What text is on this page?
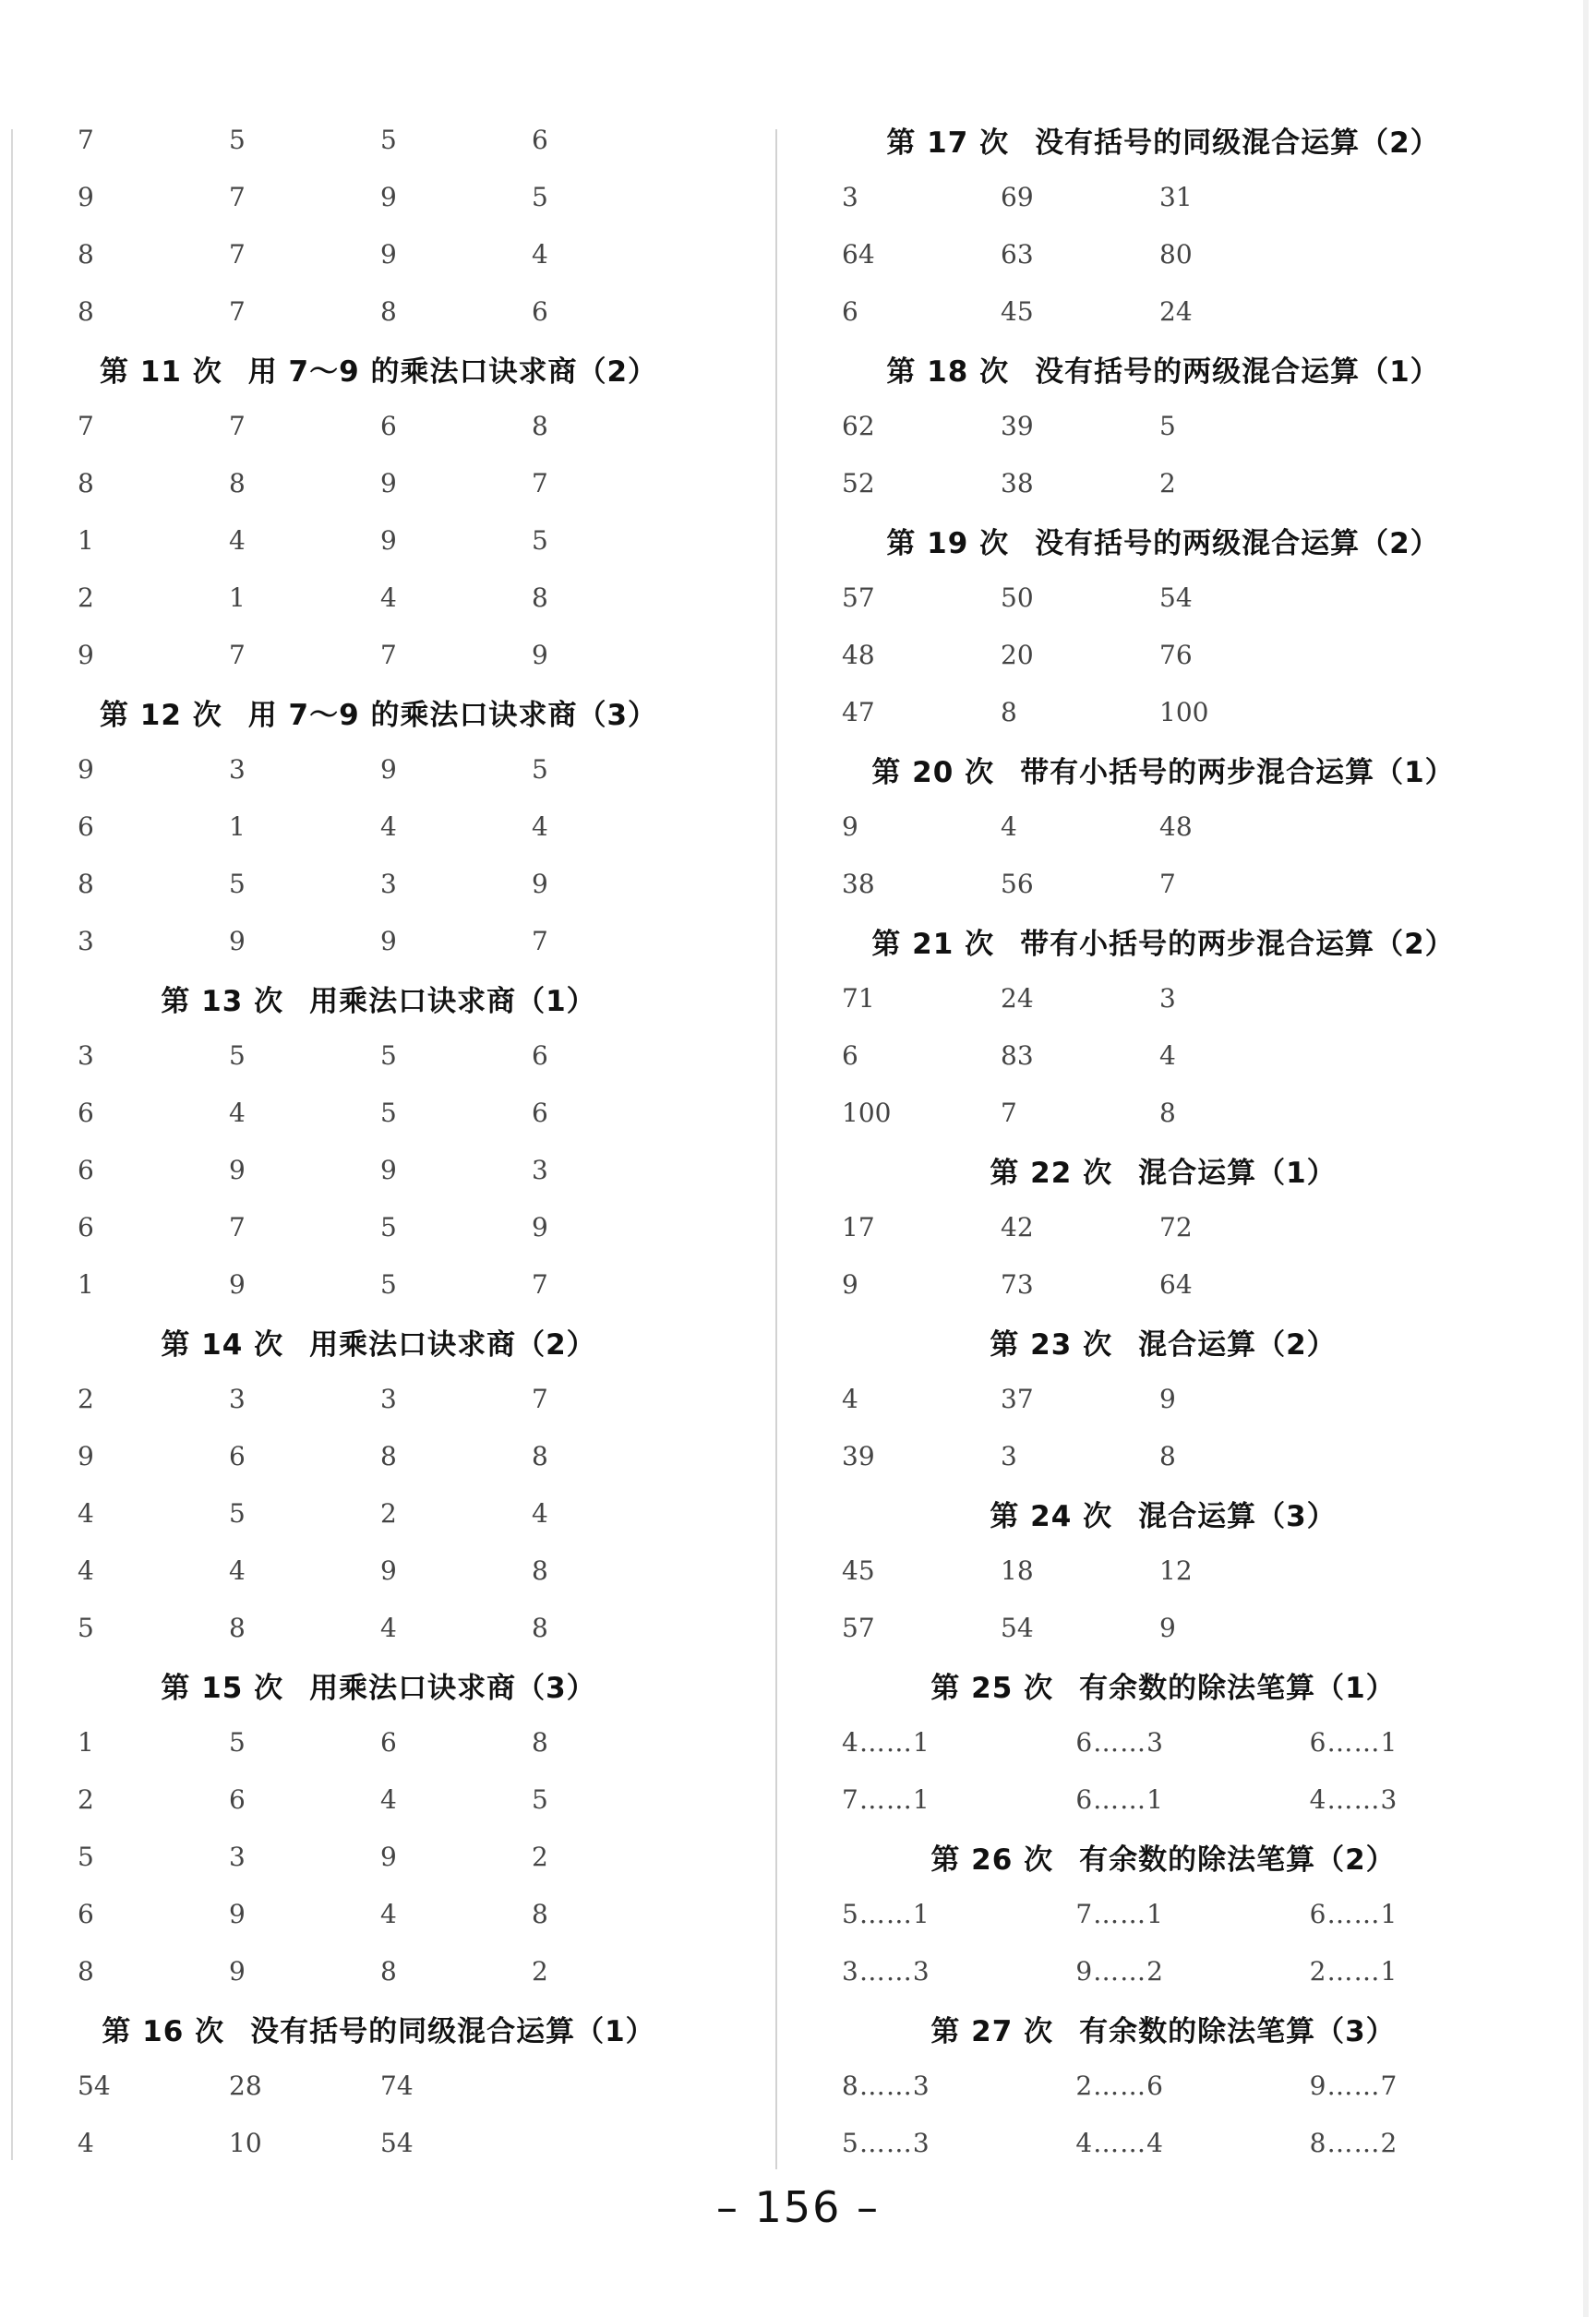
7	5	5	6
9	7	9	5
8	7	9	4
8	7	8	6
第 11 次 用 7～9 的乘法口诀求商（2）
7	7	6	8
8	8	9	7
1	4	9	5
2	1	4	8
9	7	7	9
第 12 次 用 7～9 的乘法口诀求商（3）
9	3	9	5
6	1	4	4
8	5	3	9
3	9	9	7
第 13 次 用乘法口诀求商（1）
3	5	5	6
6	4	5	6
6	9	9	3
6	7	5	9
1	9	5	7
第 14 次 用乘法口诀求商（2）
2	3	3	7
9	6	8	8
4	5	2	4
4	4	9	8
5	8	4	8
第 15 次 用乘法口诀求商（3）
1	5	6	8
2	6	4	5
5	3	9	2
6	9	4	8
8	9	8	2
第 16 次 没有括号的同级混合运算（1）
54	28	74
4	10	54
第 17 次 没有括号的同级混合运算（2）
3	69	31
64	63	80
6	45	24
第 18 次 没有括号的两级混合运算（1）
62	39	5
52	38	2
第 19 次 没有括号的两级混合运算（2）
57	50	54
48	20	76
47	8	100
第 20 次 带有小括号的两步混合运算（1）
9	4	48
38	56	7
第 21 次 带有小括号的两步混合运算（2）
71	24	3
6	83	4
100	7	8
第 22 次 混合运算（1）
17	42	72
9	73	64
第 23 次 混合运算（2）
4	37	9
39	3	8
第 24 次 混合运算（3）
45	18	12
57	54	9
第 25 次 有余数的除法笔算（1）
4……1	6……3	6……1
7……1	6……1	4……3
第 26 次 有余数的除法笔算（2）
5……1	7……1	6……1
3……3	9……2	2……1
第 27 次 有余数的除法笔算（3）
8……3	2……6	9……7
5……3	4……4	8……2
– 156 –
